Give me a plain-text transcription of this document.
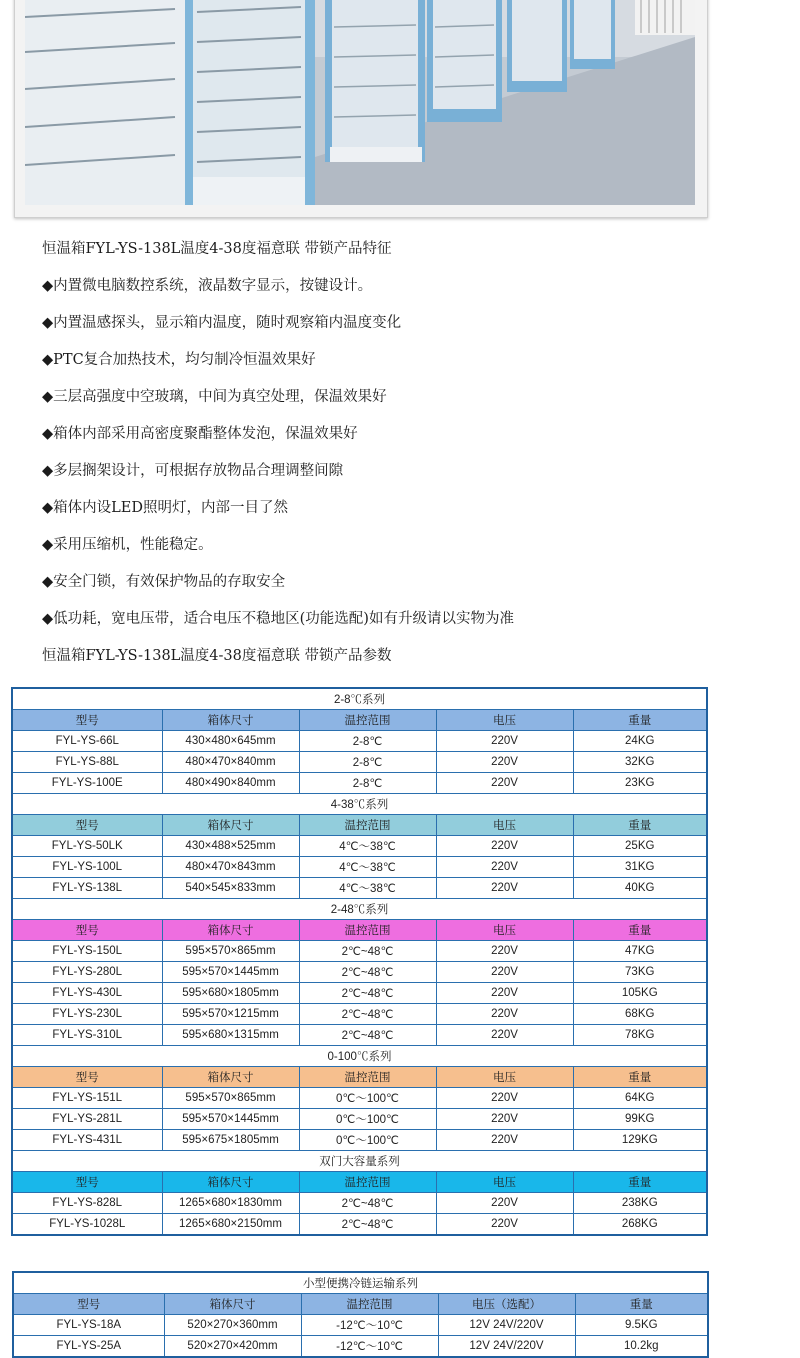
恒温箱FYL-YS-138L温度4-38度福意联 带锁产品特征
◆内置微电脑数控系统，液晶数字显示，按键设计。
◆内置温感探头，显示箱内温度，随时观察箱内温度变化
◆PTC复合加热技术，均匀制冷恒温效果好
◆三层高强度中空玻璃，中间为真空处理，保温效果好
◆箱体内部采用高密度聚酯整体发泡，保温效果好
◆多层搁架设计，可根据存放物品合理调整间隙
◆箱体内设LED照明灯，内部一目了然
◆采用压缩机，性能稳定。
◆安全门锁，有效保护物品的存取安全
◆低功耗，宽电压带，适合电压不稳地区(功能选配)如有升级请以实物为准
恒温箱FYL-YS-138L温度4-38度福意联 带锁产品参数
2-8℃系列				
型号	箱体尺寸	温控范围	电压	重量
FYL-YS-66L	430×480×645mm	2-8℃	220V	24KG
FYL-YS-88L	480×470×840mm	2-8℃	220V	32KG
FYL-YS-100E	480×490×840mm	2-8℃	220V	23KG
4-38℃系列				
型号	箱体尺寸	温控范围	电压	重量
FYL-YS-50LK	430×488×525mm	4℃～38℃	220V	25KG
FYL-YS-100L	480×470×843mm	4℃～38℃	220V	31KG
FYL-YS-138L	540×545×833mm	4℃～38℃	220V	40KG
2-48℃系列				
型号	箱体尺寸	温控范围	电压	重量
FYL-YS-150L	595×570×865mm	2℃~48℃	220V	47KG
FYL-YS-280L	595×570×1445mm	2℃~48℃	220V	73KG
FYL-YS-430L	595×680×1805mm	2℃~48℃	220V	105KG
FYL-YS-230L	595×570×1215mm	2℃~48℃	220V	68KG
FYL-YS-310L	595×680×1315mm	2℃~48℃	220V	78KG
0-100℃系列				
型号	箱体尺寸	温控范围	电压	重量
FYL-YS-151L	595×570×865mm	0℃～100℃	220V	64KG
FYL-YS-281L	595×570×1445mm	0℃～100℃	220V	99KG
FYL-YS-431L	595×675×1805mm	0℃～100℃	220V	129KG
双门大容量系列				
型号	箱体尺寸	温控范围	电压	重量
FYL-YS-828L	1265×680×1830mm	2℃~48℃	220V	238KG
FYL-YS-1028L	1265×680×2150mm	2℃~48℃	220V	268KG
小型便携冷链运输系列				
型号	箱体尺寸	温控范围	电压（选配）	重量
FYL-YS-18A	520×270×360mm	-12℃～10℃	12V 24V/220V	9.5KG
FYL-YS-25A	520×270×420mm	-12℃～10℃	12V 24V/220V	10.2kg
